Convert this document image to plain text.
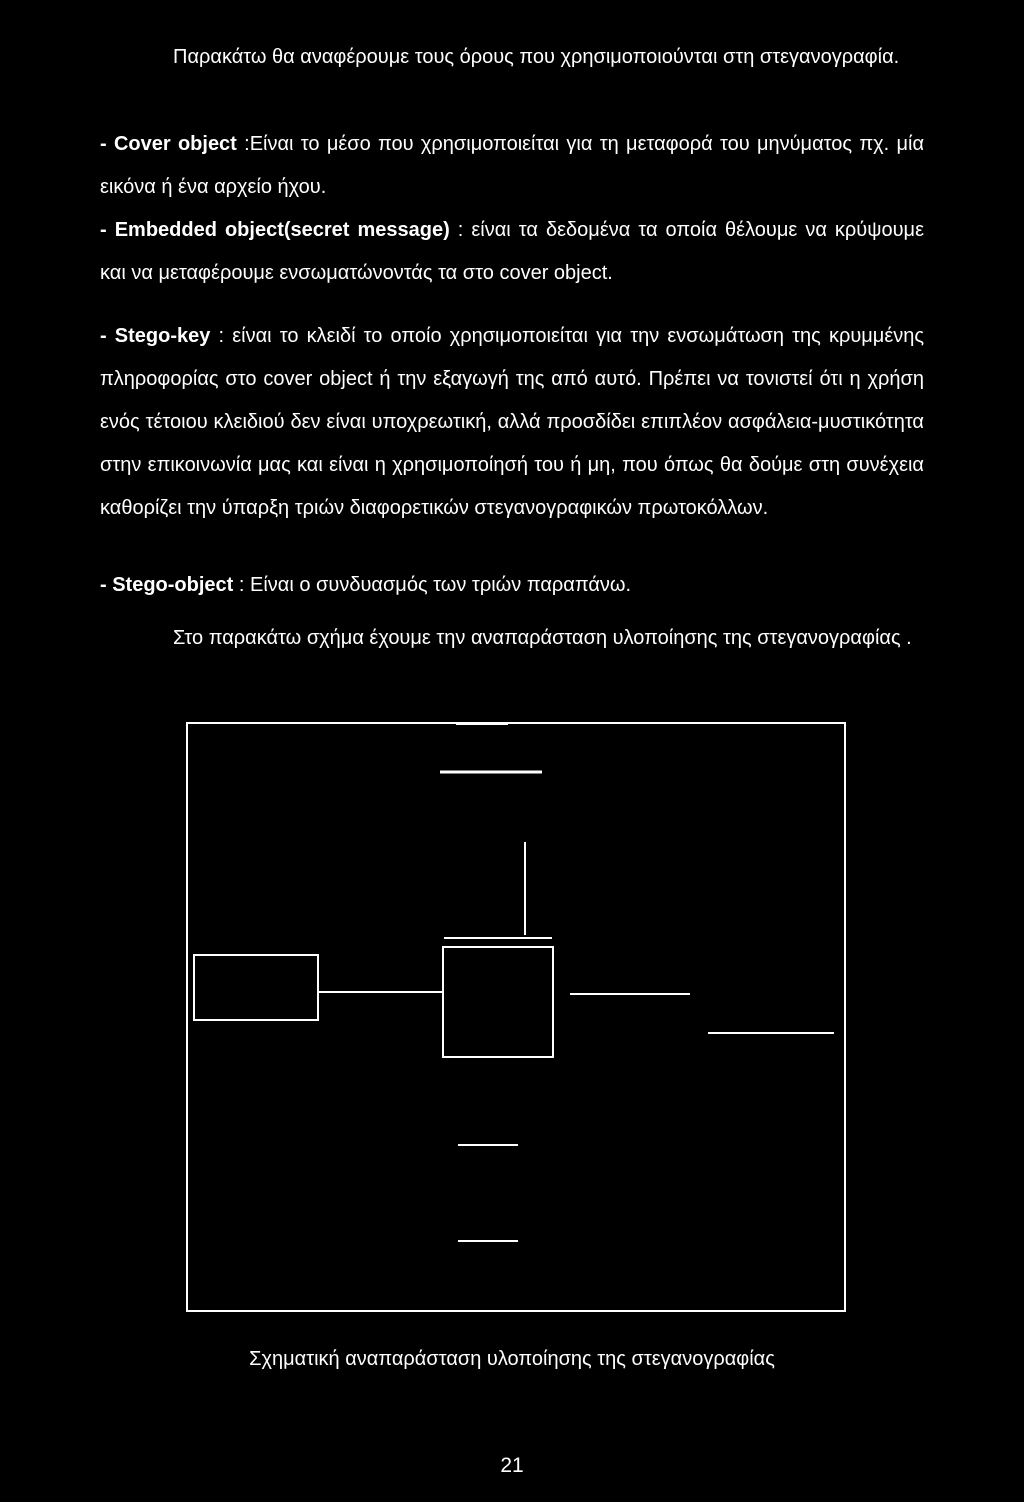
Παρακάτω θα αναφέρουμε τους όρους που χρησιμοποιούνται στη στεγανογραφία.

- Cover object :Είναι το μέσο που χρησιμοποιείται για τη μεταφορά του μηνύματος πχ. μία εικόνα ή ένα αρχείο ήχου.

- Embedded object(secret message) : είναι τα δεδομένα τα οποία θέλουμε να κρύψουμε και να μεταφέρουμε ενσωματώνοντάς τα στο cover object.

- Stego-key : είναι το κλειδί το οποίο χρησιμοποιείται για την ενσωμάτωση της κρυμμένης πληροφορίας στο cover object ή την εξαγωγή της από αυτό. Πρέπει να τονιστεί ότι η χρήση ενός τέτοιου κλειδιού δεν είναι υποχρεωτική, αλλά προσδίδει επιπλέον ασφάλεια-μυστικότητα στην επικοινωνία μας και είναι η χρησιμοποίησή του ή μη, που όπως θα δούμε στη συνέχεια καθορίζει την ύπαρξη τριών διαφορετικών στεγανογραφικών πρωτοκόλλων.

- Stego-object : Είναι ο συνδυασμός των τριών παραπάνω.

Στο παρακάτω σχήμα έχουμε την αναπαράσταση υλοποίησης της στεγανογραφίας .

Σχηματική αναπαράσταση υλοποίησης της στεγανογραφίας

21
